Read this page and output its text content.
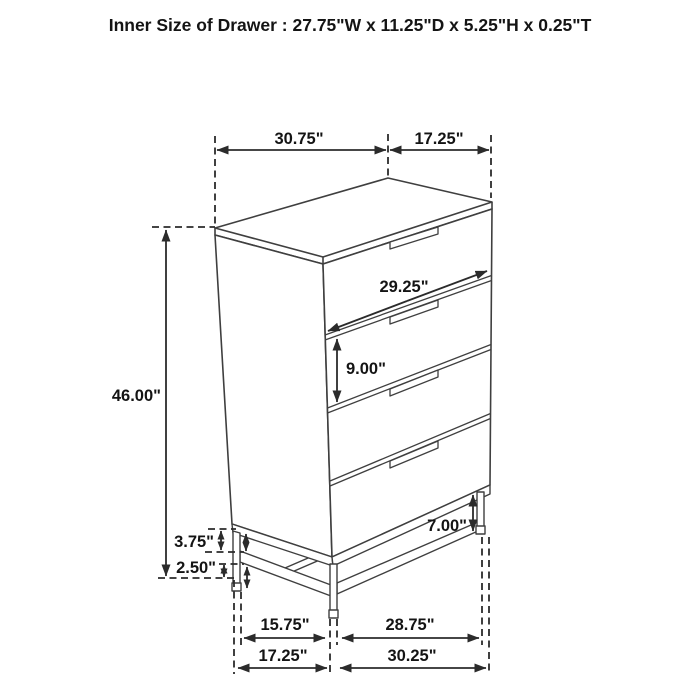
Inner Size of Drawer : 27.75"W x 11.25"D x 5.25"H x 0.25"T
30.75"	17.25"
46.00"
29.25"
9.00"
3.75"
2.50"
7.00"
15.75"	28.75"
17.25"	30.25"
